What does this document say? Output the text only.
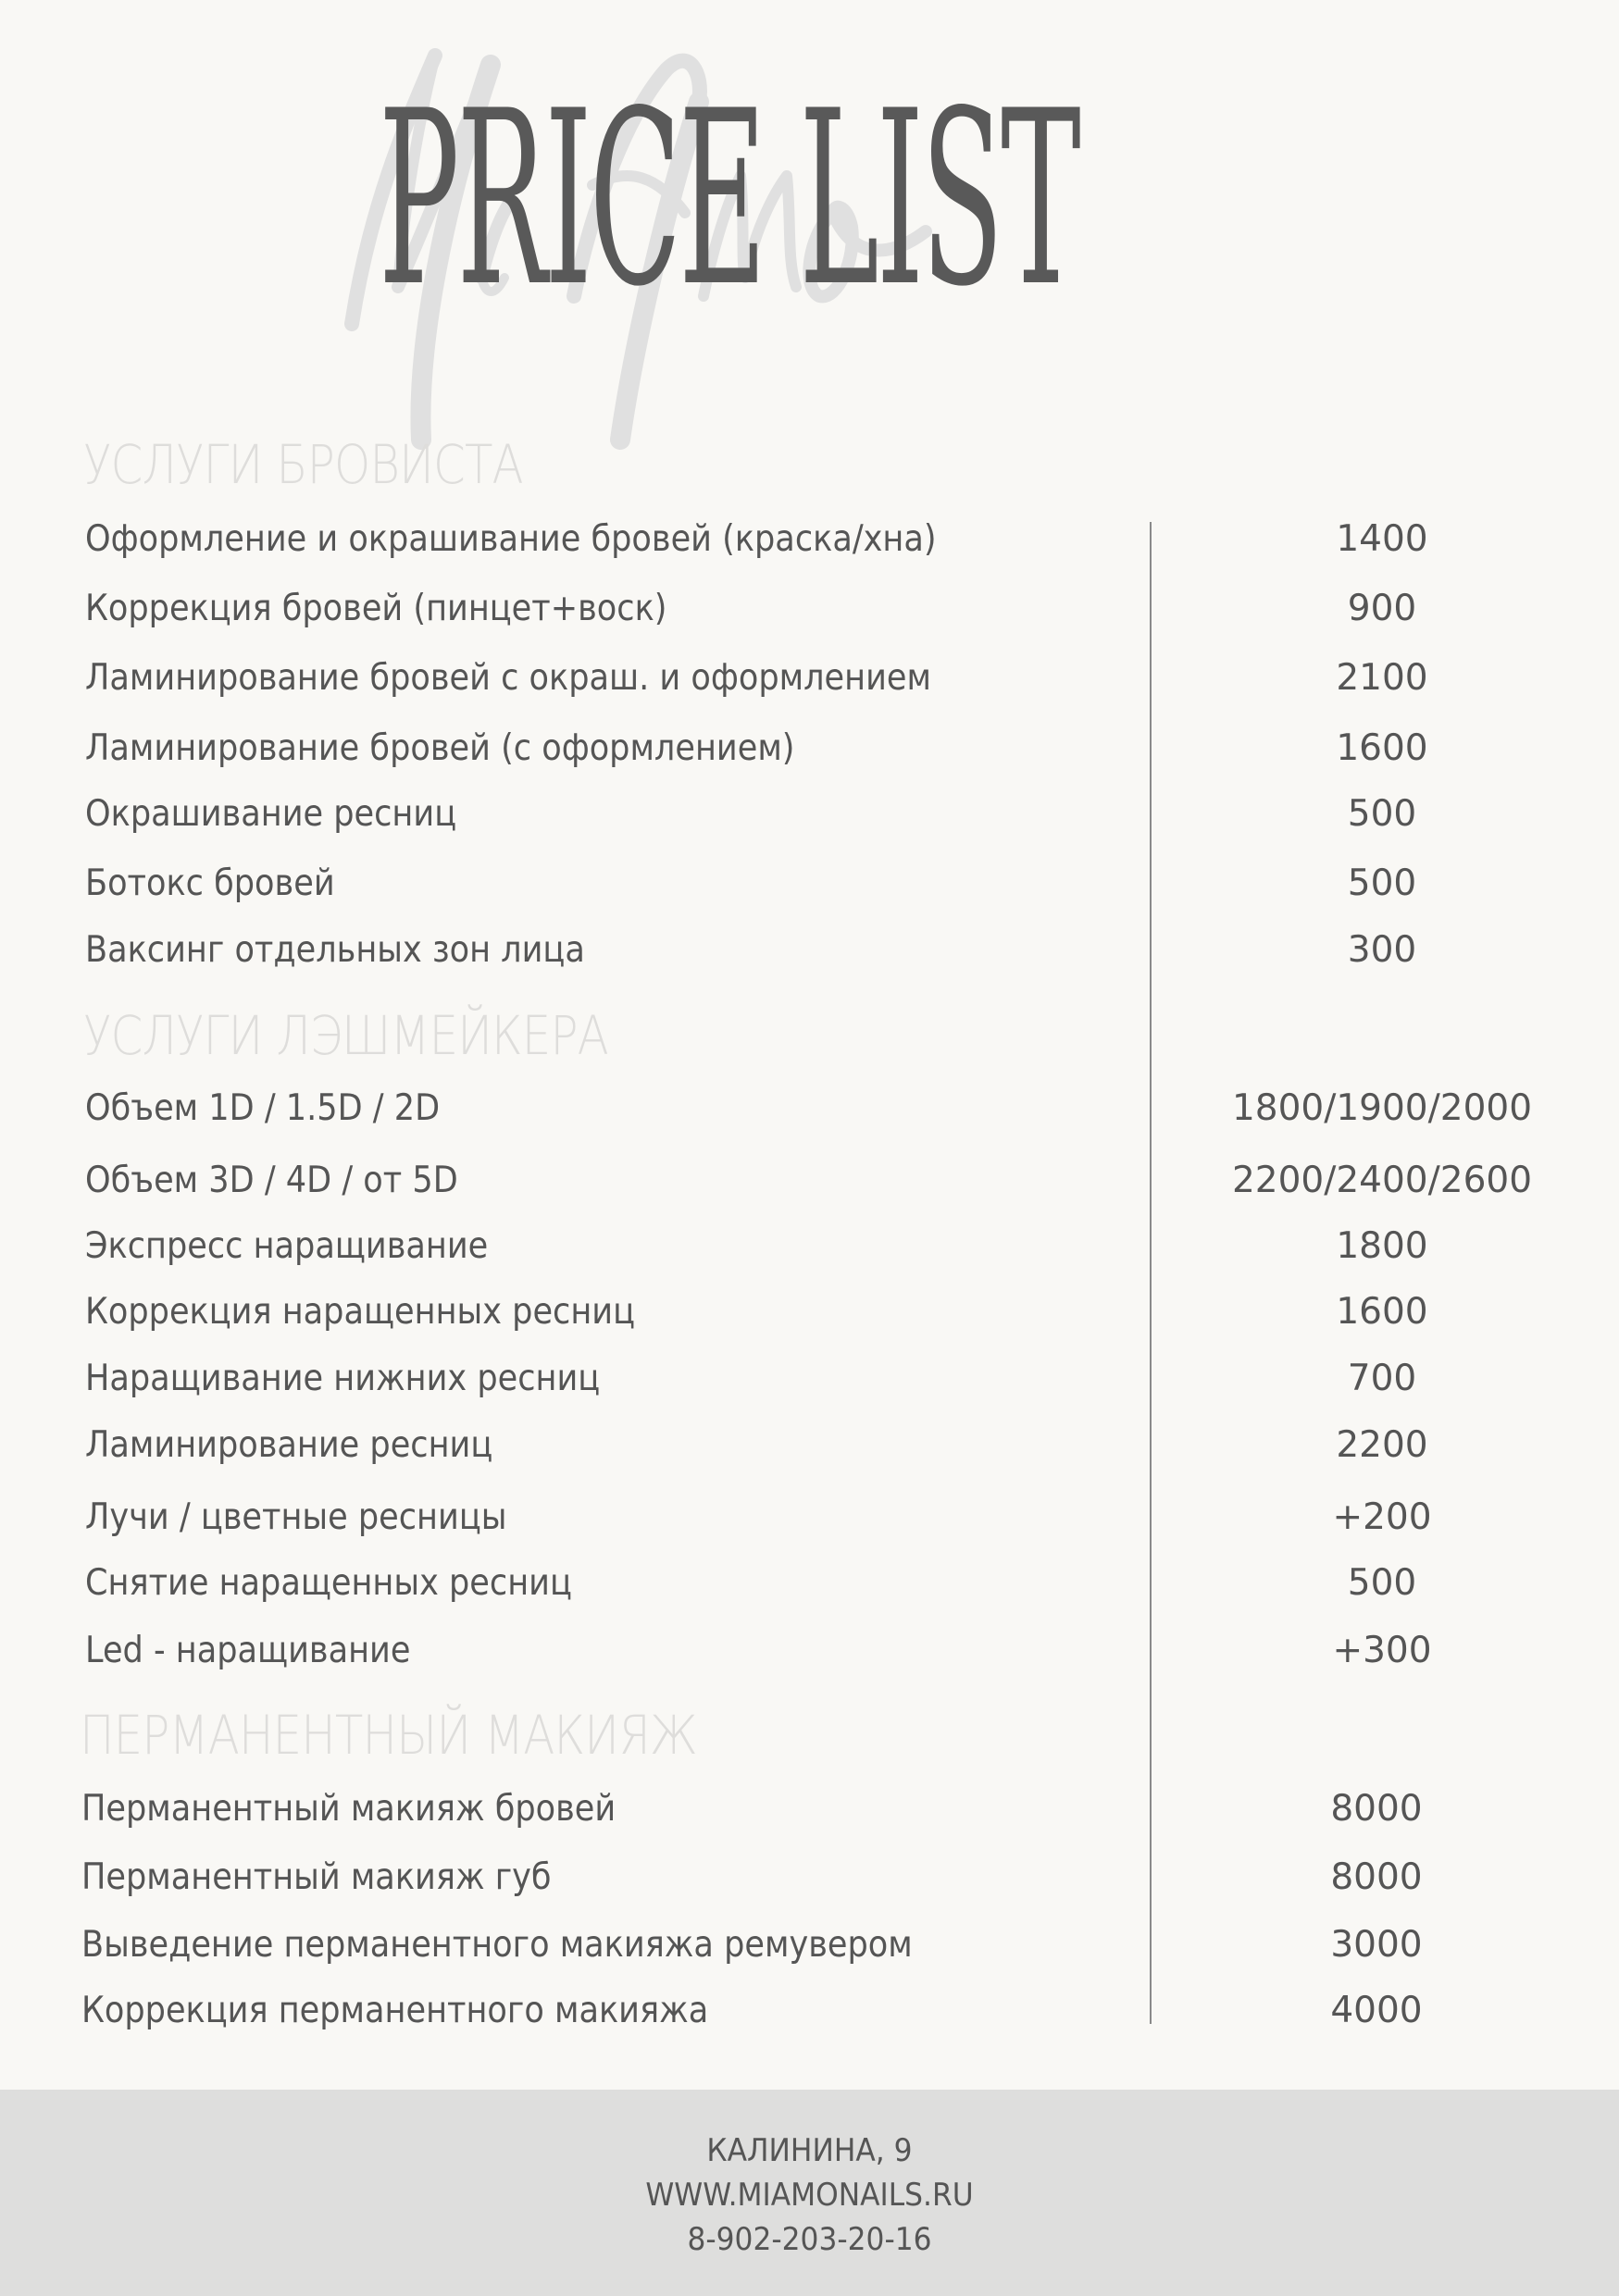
PRICE LIST
УСЛУГИ БРОВИСТА
Оформление и окрашивание бровей (краска/хна)	1400
Коррекция бровей (пинцет+воск)	900
Ламинирование бровей с окраш. и оформлением	2100
Ламинирование бровей (с оформлением)	1600
Окрашивание ресниц	500
Ботокс бровей	500
Ваксинг отдельных зон лица	300
УСЛУГИ ЛЭШМЕЙКЕРА
Объем 1D / 1.5D / 2D	1800/1900/2000
Объем 3D / 4D / от 5D	2200/2400/2600
Экспресс наращивание	1800
Коррекция наращенных ресниц	1600
Наращивание нижних ресниц	700
Ламинирование ресниц	2200
Лучи / цветные ресницы	+200
Снятие наращенных ресниц	500
Led - наращивание	+300
ПЕРМАНЕНТНЫЙ МАКИЯЖ
Перманентный макияж бровей	8000
Перманентный макияж губ	8000
Выведение перманентного макияжа ремувером	3000
Коррекция перманентного макияжа	4000
КАЛИНИНА, 9
WWW.MIAMONAILS.RU
8-902-203-20-16
